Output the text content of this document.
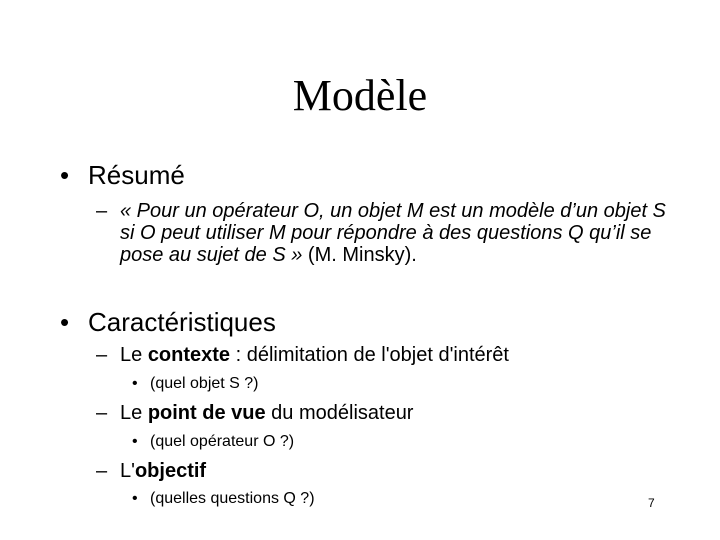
Modèle
• Résumé
– « Pour un opérateur O, un objet M est un modèle d’un objet S si O peut utiliser M pour répondre à des questions Q qu’il se pose au sujet de S » (M. Minsky).
• Caractéristiques
– Le contexte : délimitation de l'objet d'intérêt
• (quel objet S ?)
– Le point de vue du modélisateur
• (quel opérateur O ?)
– L'objectif
• (quelles questions Q ?)	7
